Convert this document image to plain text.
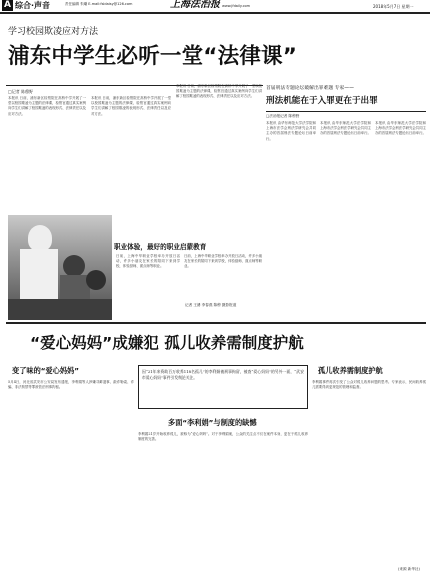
A 综合·声音	责任编辑 朱曦 E-mail:fsldaisy@126.com	上海法治报 www.jfdaily.com	2018年5月7日 星期一
学习校园欺凌应对方法
浦东中学生必听一堂“法律课”
□记者 陈穆野
本报讯 日前，浦东新区检察院在高桥中学开展了一堂以校园欺凌为主题的法律课，检察官通过真实案例向学生们讲解了校园欺凌的表现形式、法律责任以及应对方法。
本报讯 日前，浦东新区检察院在高桥中学开展了一堂以校园欺凌为主题的法律课，检察官通过真实案例向学生们讲解了校园欺凌的表现形式、法律责任以及应对方法。
本报讯 日前，浦东新区检察院在高桥中学开展了一堂以校园欺凌为主题的法律课，检察官通过真实案例向学生们讲解了校园欺凌的表现形式、法律责任以及应对方法。
职业体验，最好的职业启蒙教育
日前，上海中华职业学校举办开放日活动，许多小朋友在家长的陪同下来到学校，体验厨师、面点师等职业。
日前，上海中华职业学校举办开放日活动，许多小朋友在家长的陪同下来到学校，体验厨师、面点师等职业。
记者 王湧 李春燕 陈穆 摄影报道
首届刑法专题论坛破解出罪难题 专家——
刑法机能在于入罪更在于出罪
□法治报记者 陈穆野
本报讯 由华东师范大学法学院和上海市法学会刑法学研究会共同主办的首届刑法专题论坛日前举行。
本报讯 由华东师范大学法学院和上海市法学会刑法学研究会共同主办的首届刑法专题论坛日前举行。
本报讯 由华东师范大学法学院和上海市法学会刑法学研究会共同主办的首届刑法专题论坛日前举行。
“爱心妈妈”成嫌犯 孤儿收养需制度护航
变了味的“爱心妈妈”
5月4日，河北省武安市公安局发布通报，李利娟等人涉嫌寻衅滋事、敲诈勒索、诈骗、非法拘禁等罪被依法刑事拘留。
因“21年来资助百万收养118名孤儿”的李利娟被刑事拘留，被查“爱心妈妈”的另外一面，“武安市爱心妈妈”事件引发舆论关注。
多面“李利娟”与制度的缺憾
李利娟21岁开始收养孤儿，被称为“爱心妈妈”。对于李利娟案，公众的关注点不仅在案件本身，更在于孤儿收养制度的完善。
孤儿收养需制度护航
李利娟事件再次引发了公众对孤儿收养问题的思考。专家表示，民间收养孤儿需要得到更规范的管理和监督。
(来源 新华社)
